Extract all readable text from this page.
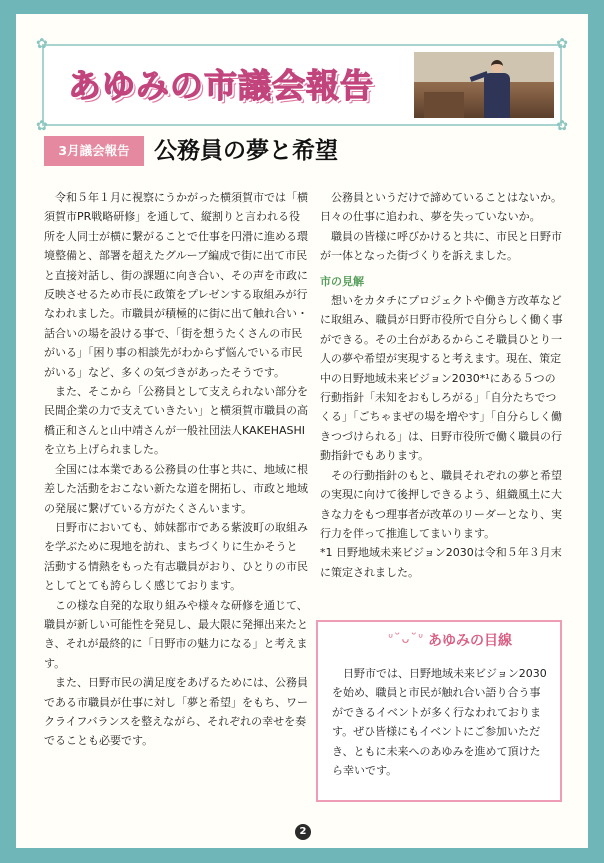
✿	✿
✿	✿
あゆみの市議会報告
3月議会報告	公務員の夢と希望

令和５年１月に視察にうかがった横須賀市では「横須賀市PR戦略研修」を通して、縦割りと言われる役所を人同士が横に繋がることで仕事を円滑に進める環境整備と、部署を超えたグループ編成で街に出て市民と直接対話し、街の課題に向き合い、その声を市政に反映させるため市長に政策をプレゼンする取組みが行なわれました。市職員が積極的に街に出て触れ合い・話合いの場を設ける事で、「街を想うたくさんの市民がいる」「困り事の相談先がわからず悩んでいる市民がいる」など、多くの気づきがあったそうです。

また、そこから「公務員として支えられない部分を民間企業の力で支えていきたい」と横須賀市職員の高橋正和さんと山中靖さんが一般社団法人KAKEHASHIを立ち上げられました。

全国には本業である公務員の仕事と共に、地域に根差した活動をおこない新たな道を開拓し、市政と地域の発展に繋げている方がたくさんいます。

日野市においても、姉妹都市である紫波町の取組みを学ぶために現地を訪れ、まちづくりに生かそうと活動する情熱をもった有志職員がおり、ひとりの市民としてとても誇らしく感じております。

この様な自発的な取り組みや様々な研修を通じて、職員が新しい可能性を発見し、最大限に発揮出来たとき、それが最終的に「日野市の魅力になる」と考えます。

また、日野市民の満足度をあげるためには、公務員である市職員が仕事に対し「夢と希望」をもち、ワークライフバランスを整えながら、それぞれの幸せを奏でることも必要です。

公務員というだけで諦めていることはないか。日々の仕事に追われ、夢を失っていないか。

職員の皆様に呼びかけると共に、市民と日野市が一体となった街づくりを訴えました。

市の見解

想いをカタチにプロジェクトや働き方改革などに取組み、職員が日野市役所で自分らしく働く事ができる。その土台があるからこそ職員ひとり一人の夢や希望が実現すると考えます。現在、策定中の日野地域未来ビジョン2030*¹にある５つの行動指針「未知をおもしろがる」「自分たちでつくる」「ごちゃまぜの場を増やす」「自分らしく働きつづけられる」は、日野市役所で働く職員の行動指針でもあります。

その行動指針のもと、職員それぞれの夢と希望の実現に向けて後押しできるよう、組織風土に大きな力をもつ理事者が改革のリーダーとなり、実行力を伴って推進してまいります。

*1 日野地域未来ビジョン2030は令和５年３月末に策定されました。

ᐡ˘ᴗ˘ᐡ あゆみの目線

日野市では、日野地域未来ビジョン2030を始め、職員と市民が触れ合い語り合う事ができるイベントが多く行なわれております。ぜひ皆様にもイベントにご参加いただき、ともに未来へのあゆみを進めて頂けたら幸いです。

2
